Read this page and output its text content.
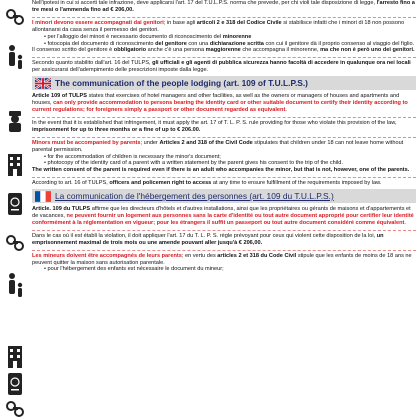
Nell'ipotesi in cui si accerti tale infrazione, deve applicarsi l'art. 17 del T.U.L.P.S. norma che prevede, per chi violi tale disposizione di legge, l'arresto fino a tre mesi o l'ammenda fino ad € 206,00.

I minori devono essere accompagnati dai genitori; in base agli articoli 2 e 318 del Codice Civile si stabilisce infatti che i minori di 18 non possono allontanarsi da casa senza il permesso dei genitori.

• per l'alloggio dei minori è necessario documento di riconoscimento del minorenne

• fotocopia del documento di riconoscimento del genitore con una dichiarazione scritta con cui il genitore dà il proprio consenso al viaggio del figlio.

Il consenso scritto del genitore è obbligatorio anche c'è una persona maggiorenne che accompagna il minorenne, ma che non è però uno dei genitori.

Secondo quanto stabilito dall'art. 16 del TULPS, gli ufficiali e gli agenti di pubblica sicurezza hanno facoltà di accedere in qualunque ora nei locali per assicurarsi dell'adempimento delle prescrizioni imposte dalla legge.

The communication of the people lodging (art. 109 of T.U.L.P.S.)

Article 109 of TULPS states that exercises of hotel managers and other facilities, as well as the owners or managers of houses and apartments and houses, can only provide accommodation to persons bearing the identity card or other suitable document to certify their identity according to current regulations; for foreigners simply a passport or other document regarded as equivalent.

In the event that it is established that infringement, it must apply the art. 17 of T. L. P. S. rule providing for those who violate this provision of the law, imprisonment for up to three months or a fine of up to € 206.00.

Minors must be accompanied by parents; under Articles 2 and 318 of the Civil Code stipulates that children under 18 can not leave home without parental permission.

• for the accommodation of children is necessary the minor's document;

• photocopy of the identity card of a parent with a written statement by the parent gives his consent to the trip of the child.

The written consent of the parent is required even if there is an adult who accompanies the minor, but that is not, however, one of the parents.

According to art. 16 of TULPS, officers and policemen right to access at any time to ensure fulfillment of the requirements imposed by law.

La communication de l'hébergement des personnes (art. 109 du T.U.L.P.S.)

Article. 109 du TULPS affirme que les directeurs d'hôtels et d'autres installations, ainsi que les propriétaires ou gérants de maisons et d'appartements et de vacances, ne peuvent fournir un logement aux personnes sans la carte d'identité ou tout autre document approprié pour certifier leur identité conformément à la réglementation en vigueur; pour les étrangers il suffit un passeport ou tout autre document considéré comme équivalent.

Dans le cas où il est établi la violation, il doit appliquer l'art. 17 du T. L. P. S. règle prévoyant pour ceux qui violent cette disposition de la loi, un emprisonnement maximal de trois mois ou une amende pouvant aller jusqu'à € 206,00.

Les mineurs doivent être accompagnés de leurs parents; en vertu des articles 2 et 318 du Code Civil stipule que les enfants de moins de 18 ans ne peuvent quitter la maison sans autorisation parentale.

• pour l'hébergement des enfants est nécessaire le document du mineur;
